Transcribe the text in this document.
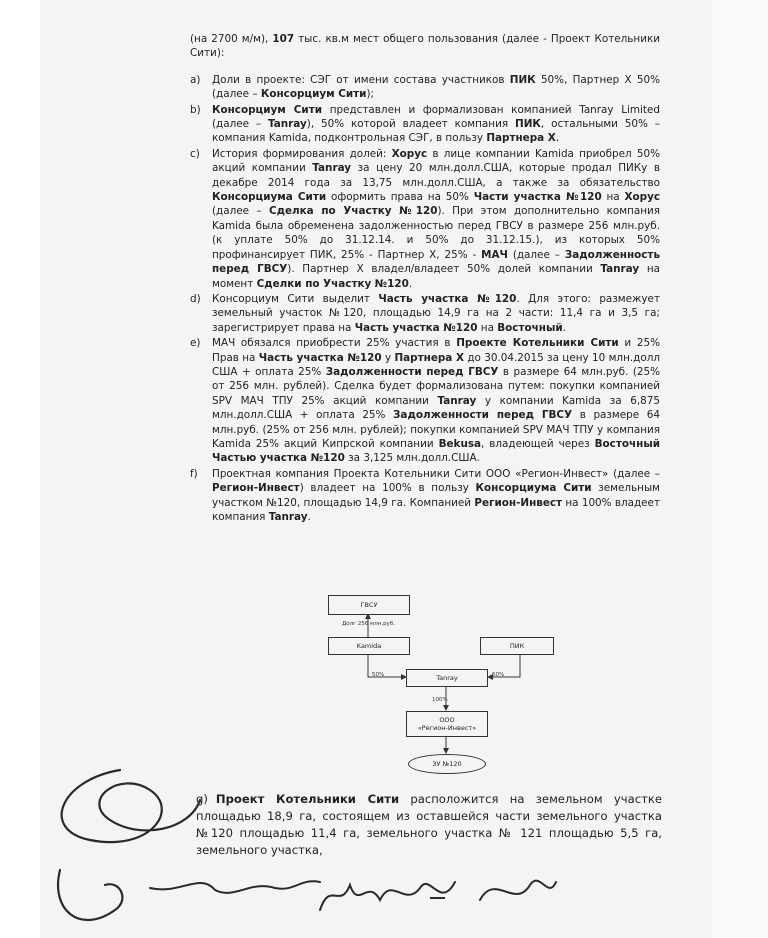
(на 2700 м/м), 107 тыс. кв.м мест общего пользования (далее - Проект Котельники Сити):

a) Доли в проекте: СЭГ от имени состава участников ПИК 50%, Партнер Х 50% (далее – Консорциум Сити);
b) Консорциум Сити представлен и формализован компанией Tanray Limited (далее – Tanray), 50% которой владеет компания ПИК, остальными 50% – компания Kamida, подконтрольная СЭГ, в пользу Партнера Х.
c) История формирования долей: Хорус в лице компании Kamida приобрел 50% акций компании Tanray за цену 20 млн.долл.США, которые продал ПИКу в декабре 2014 года за 13,75 млн.долл.США, а также за обязательство Консорциума Сити оформить права на 50% Части участка №120 на Хорус (далее – Сделка по Участку №120). При этом дополнительно компания Kamida была обременена задолженностью перед ГВСУ в размере 256 млн.руб. (к уплате 50% до 31.12.14. и 50% до 31.12.15.), из которых 50% профинансирует ПИК, 25% - Партнер Х, 25% - МАЧ (далее – Задолженность перед ГВСУ). Партнер Х владел/владеет 50% долей компании Tanray на момент Сделки по Участку №120.
d) Консорциум Сити выделит Часть участка №120. Для этого: размежует земельный участок №120, площадью 14,9 га на 2 части: 11,4 га и 3,5 га; зарегистрирует права на Часть участка №120 на Восточный.
e) МАЧ обязался приобрести 25% участия в Проекте Котельники Сити и 25% Прав на Часть участка №120 у Партнера Х до 30.04.2015 за цену 10 млн.долл США + оплата 25% Задолженности перед ГВСУ в размере 64 млн.руб. (25% от 256 млн. рублей). Сделка будет формализована путем: покупки компанией SPV МАЧ ТПУ 25% акций компании Tanray у компании Kamida за 6,875 млн.долл.США + оплата 25% Задолженности перед ГВСУ в размере 64 млн.руб. (25% от 256 млн. рублей); покупки компанией SPV МАЧ ТПУ у компания Kamida 25% акций Кипрской компании Bekusa, владеющей через Восточный Частью участка №120 за 3,125 млн.долл.США.
f) Проектная компания Проекта Котельники Сити ООО «Регион-Инвест» (далее – Регион-Инвест) владеет на 100% в пользу Консорциума Сити земельным участком №120, площадью 14,9 га. Компанией Регион-Инвест на 100% владеет компания Tanray.
ГВСУ
Долг 256 млн.руб.
Kamida	ПИК
50%	50%
Tanray
100%
ООО
«Регион-Инвест»
ЗУ №120
g) Проект Котельники Сити расположится на земельном участке площадью 18,9 га, состоящем из оставшейся части земельного участка №120 площадью 11,4 га, земельного участка № 121 площадью 5,5 га, земельного участка,
